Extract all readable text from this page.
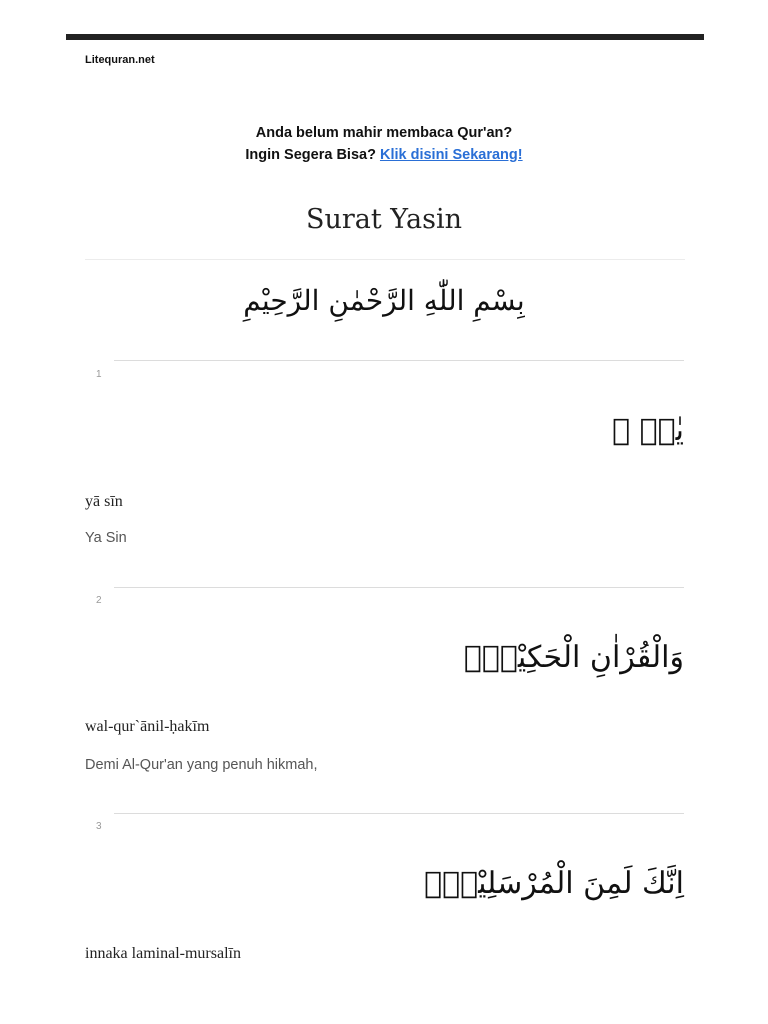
Litequran.net
Anda belum mahir membaca Qur'an?
Ingin Segera Bisa? Klik disini Sekarang!
Surat Yasin
بِسْمِ اللّٰهِ الرَّحْمٰنِ الرَّحِيْمِ
1
يٰسۤ ۚ
yā sīn
Ya Sin
2
وَالْقُرْاٰنِ الْحَكِيْمِۙ
wal-qur`ānil-ḥakīm
Demi Al-Qur'an yang penuh hikmah,
3
اِنَّكَ لَمِنَ الْمُرْسَلِيْنَۙ
innaka laminal-mursalīn
